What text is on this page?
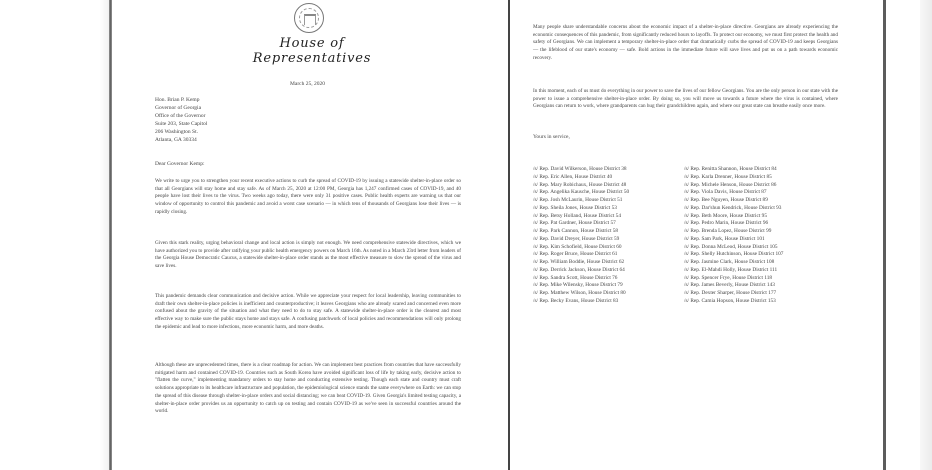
House of Representatives
March 25, 2020
Hon. Brian P. Kemp
Governor of Georgia
Office of the Governor
Suite 203, State Capitol
206 Washington St.
Atlanta, GA 30334
Dear Governor Kemp:
We write to urge you to strengthen your recent executive actions to curb the spread of COVID-19 by issuing a statewide shelter-in-place order so that all Georgians will stay home and stay safe. As of March 25, 2020 at 12:00 PM, Georgia has 1,247 confirmed cases of COVID-19, and 40 people have lost their lives to the virus. Two weeks ago today, there were only 31 positive cases. Public health experts are warning us that our window of opportunity to control this pandemic and avoid a worst case scenario — in which tens of thousands of Georgians lose their lives — is rapidly closing.
Given this stark reality, urging behavioral change and local action is simply not enough. We need comprehensive statewide directives, which we have authorized you to provide after ratifying your public health emergency powers on March 16th. As noted in a March 23rd letter from leaders of the Georgia House Democratic Caucus, a statewide shelter-in-place order stands as the most effective measure to slow the spread of the virus and save lives.
This pandemic demands clear communication and decisive action. While we appreciate your respect for local leadership, leaving communities to draft their own shelter-in-place policies is inefficient and counterproductive; it leaves Georgians who are already scared and concerned even more confused about the gravity of the situation and what they need to do to stay safe. A statewide shelter-in-place order is the clearest and most effective way to make sure the public stays home and stays safe. A confusing patchwork of local policies and recommendations will only prolong the epidemic and lead to more infections, more economic harm, and more deaths.
Although these are unprecedented times, there is a clear roadmap for action. We can implement best practices from countries that have successfully mitigated harm and contained COVID-19. Countries such as South Korea have avoided significant loss of life by taking early, decisive action to "flatten the curve," implementing mandatory orders to stay home and conducting extensive testing. Though each state and country must craft solutions appropriate to its healthcare infrastructure and population, the epidemiological science stands the same everywhere on Earth: we can stop the spread of this disease through shelter-in-place orders and social distancing; we can beat COVID-19. Given Georgia's limited testing capacity, a shelter-in-place order provides us an opportunity to catch up on testing and contain COVID-19 as we've seen in successful countries around the world.
Many people share understandable concerns about the economic impact of a shelter-in-place directive. Georgians are already experiencing the economic consequences of this pandemic, from significantly reduced hours to layoffs. To protect our economy, we must first protect the health and safety of Georgians. We can implement a temporary shelter-in-place order that dramatically curbs the spread of COVID-19 and keeps Georgians — the lifeblood of our state's economy — safe. Bold actions in the immediate future will save lives and put us on a path towards economic recovery.
In this moment, each of us must do everything in our power to save the lives of our fellow Georgians. You are the only person in our state with the power to issue a comprehensive shelter-in-place order. By doing so, you will move us towards a future where the virus is contained, where Georgians can return to work, where grandparents can hug their grandchildren again, and where our great state can breathe easily once more.
Yours in service,
/s/ Rep. David Wilkerson, House District 38
/s/ Rep. Eric Allen, House District 40
/s/ Rep. Mary Robichaux, House District 48
/s/ Rep. Angelika Kausche, House District 50
/s/ Rep. Josh McLaurin, House District 51
/s/ Rep. Sheila Jones, House District 53
/s/ Rep. Betsy Holland, House District 54
/s/ Rep. Pat Gardner, House District 57
/s/ Rep. Park Cannon, House District 58
/s/ Rep. David Dreyer, House District 59
/s/ Rep. Kim Schofield, House District 60
/s/ Rep. Roger Bruce, House District 61
/s/ Rep. William Boddie, House District 62
/s/ Rep. Derrick Jackson, House District 64
/s/ Rep. Sandra Scott, House District 76
/s/ Rep. Mike Wilensky, House District 79
/s/ Rep. Matthew Wilson, House District 80
/s/ Rep. Becky Evans, House District 83
/s/ Rep. Renitta Shannon, House District 84
/s/ Rep. Karla Drenner, House District 85
/s/ Rep. Michele Henson, House District 86
/s/ Rep. Viola Davis, House District 87
/s/ Rep. Bee Nguyen, House District 89
/s/ Rep. Dar'shun Kendrick, House District 93
/s/ Rep. Beth Moore, House District 95
/s/ Rep. Pedro Marin, House District 96
/s/ Rep. Brenda Lopez, House District 99
/s/ Rep. Sam Park, House District 101
/s/ Rep. Donna McLeod, House District 105
/s/ Rep. Shelly Hutchinson, House District 107
/s/ Rep. Jasmine Clark, House District 108
/s/ Rep. El-Mahdi Holly, House District 111
/s/ Rep. Spencer Frye, House District 118
/s/ Rep. James Beverly, House District 143
/s/ Rep. Dexter Sharper, House District 177
/s/ Rep. Camia Hopson, House District 153
